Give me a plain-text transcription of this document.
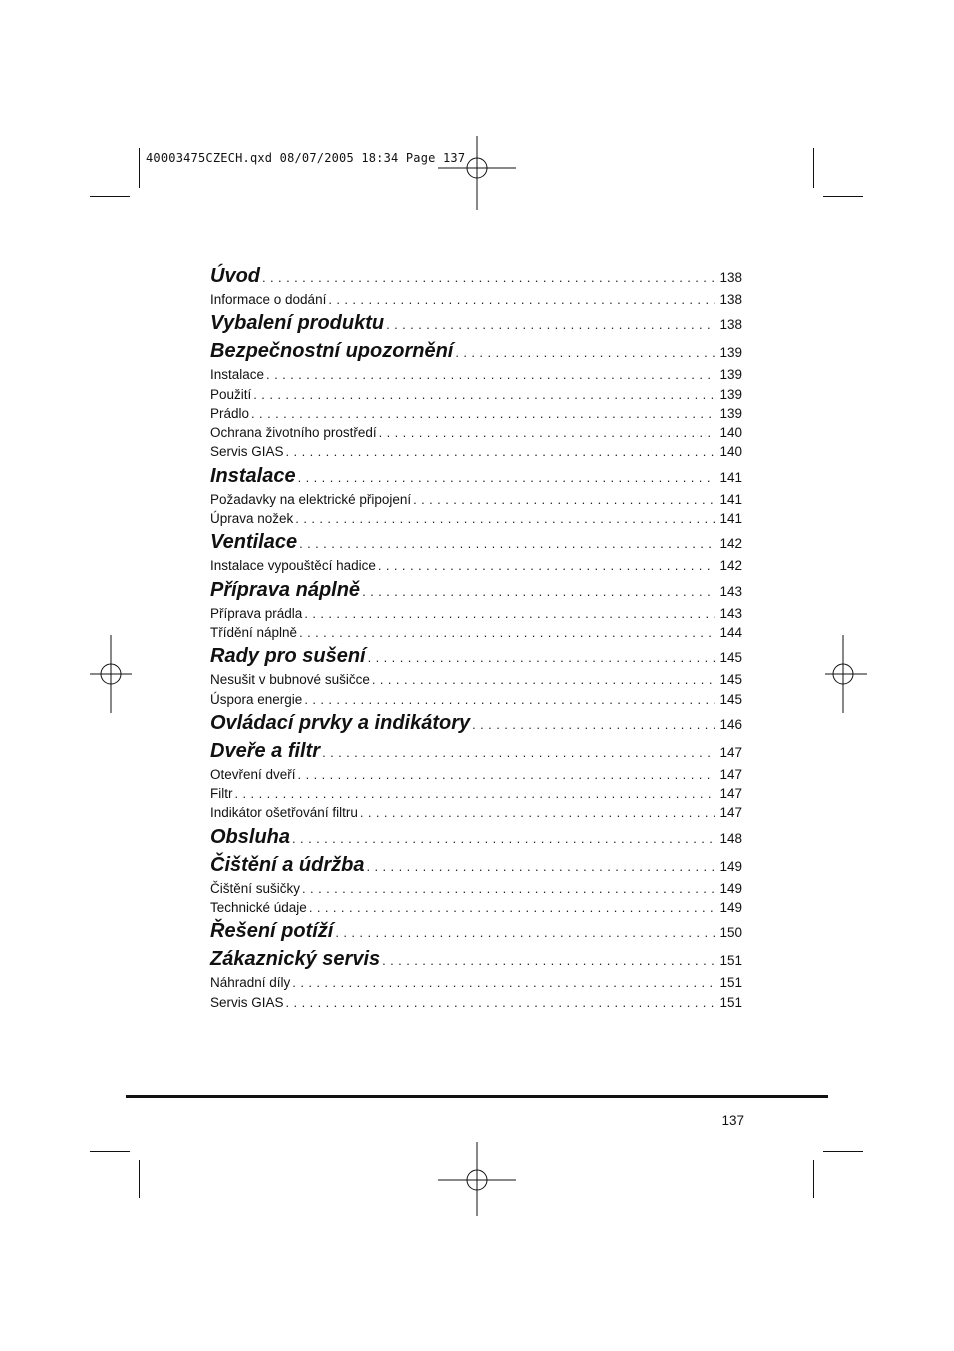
40003475CZECH.qxd 08/07/2005 18:34 Page 137
Úvod . . .	138
Informace o dodání . . .	138
Vybalení produktu . . .	138
Bezpečnostní upozornění . . .	139
Instalace . . .	139
Použití . . .	139
Prádlo . . .	139
Ochrana životního prostředí . . .	140
Servis GIAS . . .	140
Instalace . . .	141
Požadavky na elektrické připojení . . .	141
Úprava nožek . . .	141
Ventilace . . .	142
Instalace vypouštěcí hadice . . .	142
Příprava náplně . . .	143
Příprava prádla . . .	143
Třídění náplně . . .	144
Rady pro sušení . . .	145
Nesušit v bubnové sušičce . . .	145
Úspora energie . . .	145
Ovládací prvky a indikátory . . .	146
Dveře a filtr . . .	147
Otevření dveří . . .	147
Filtr . . .	147
Indikátor ošetřování filtru . . .	147
Obsluha . . .	148
Čištění a údržba . . .	149
Čištění sušičky . . .	149
Technické údaje . . .	149
Řešení potíží . . .	150
Zákaznický servis . . .	151
Náhradní díly . . .	151
Servis GIAS . . .	151
137
